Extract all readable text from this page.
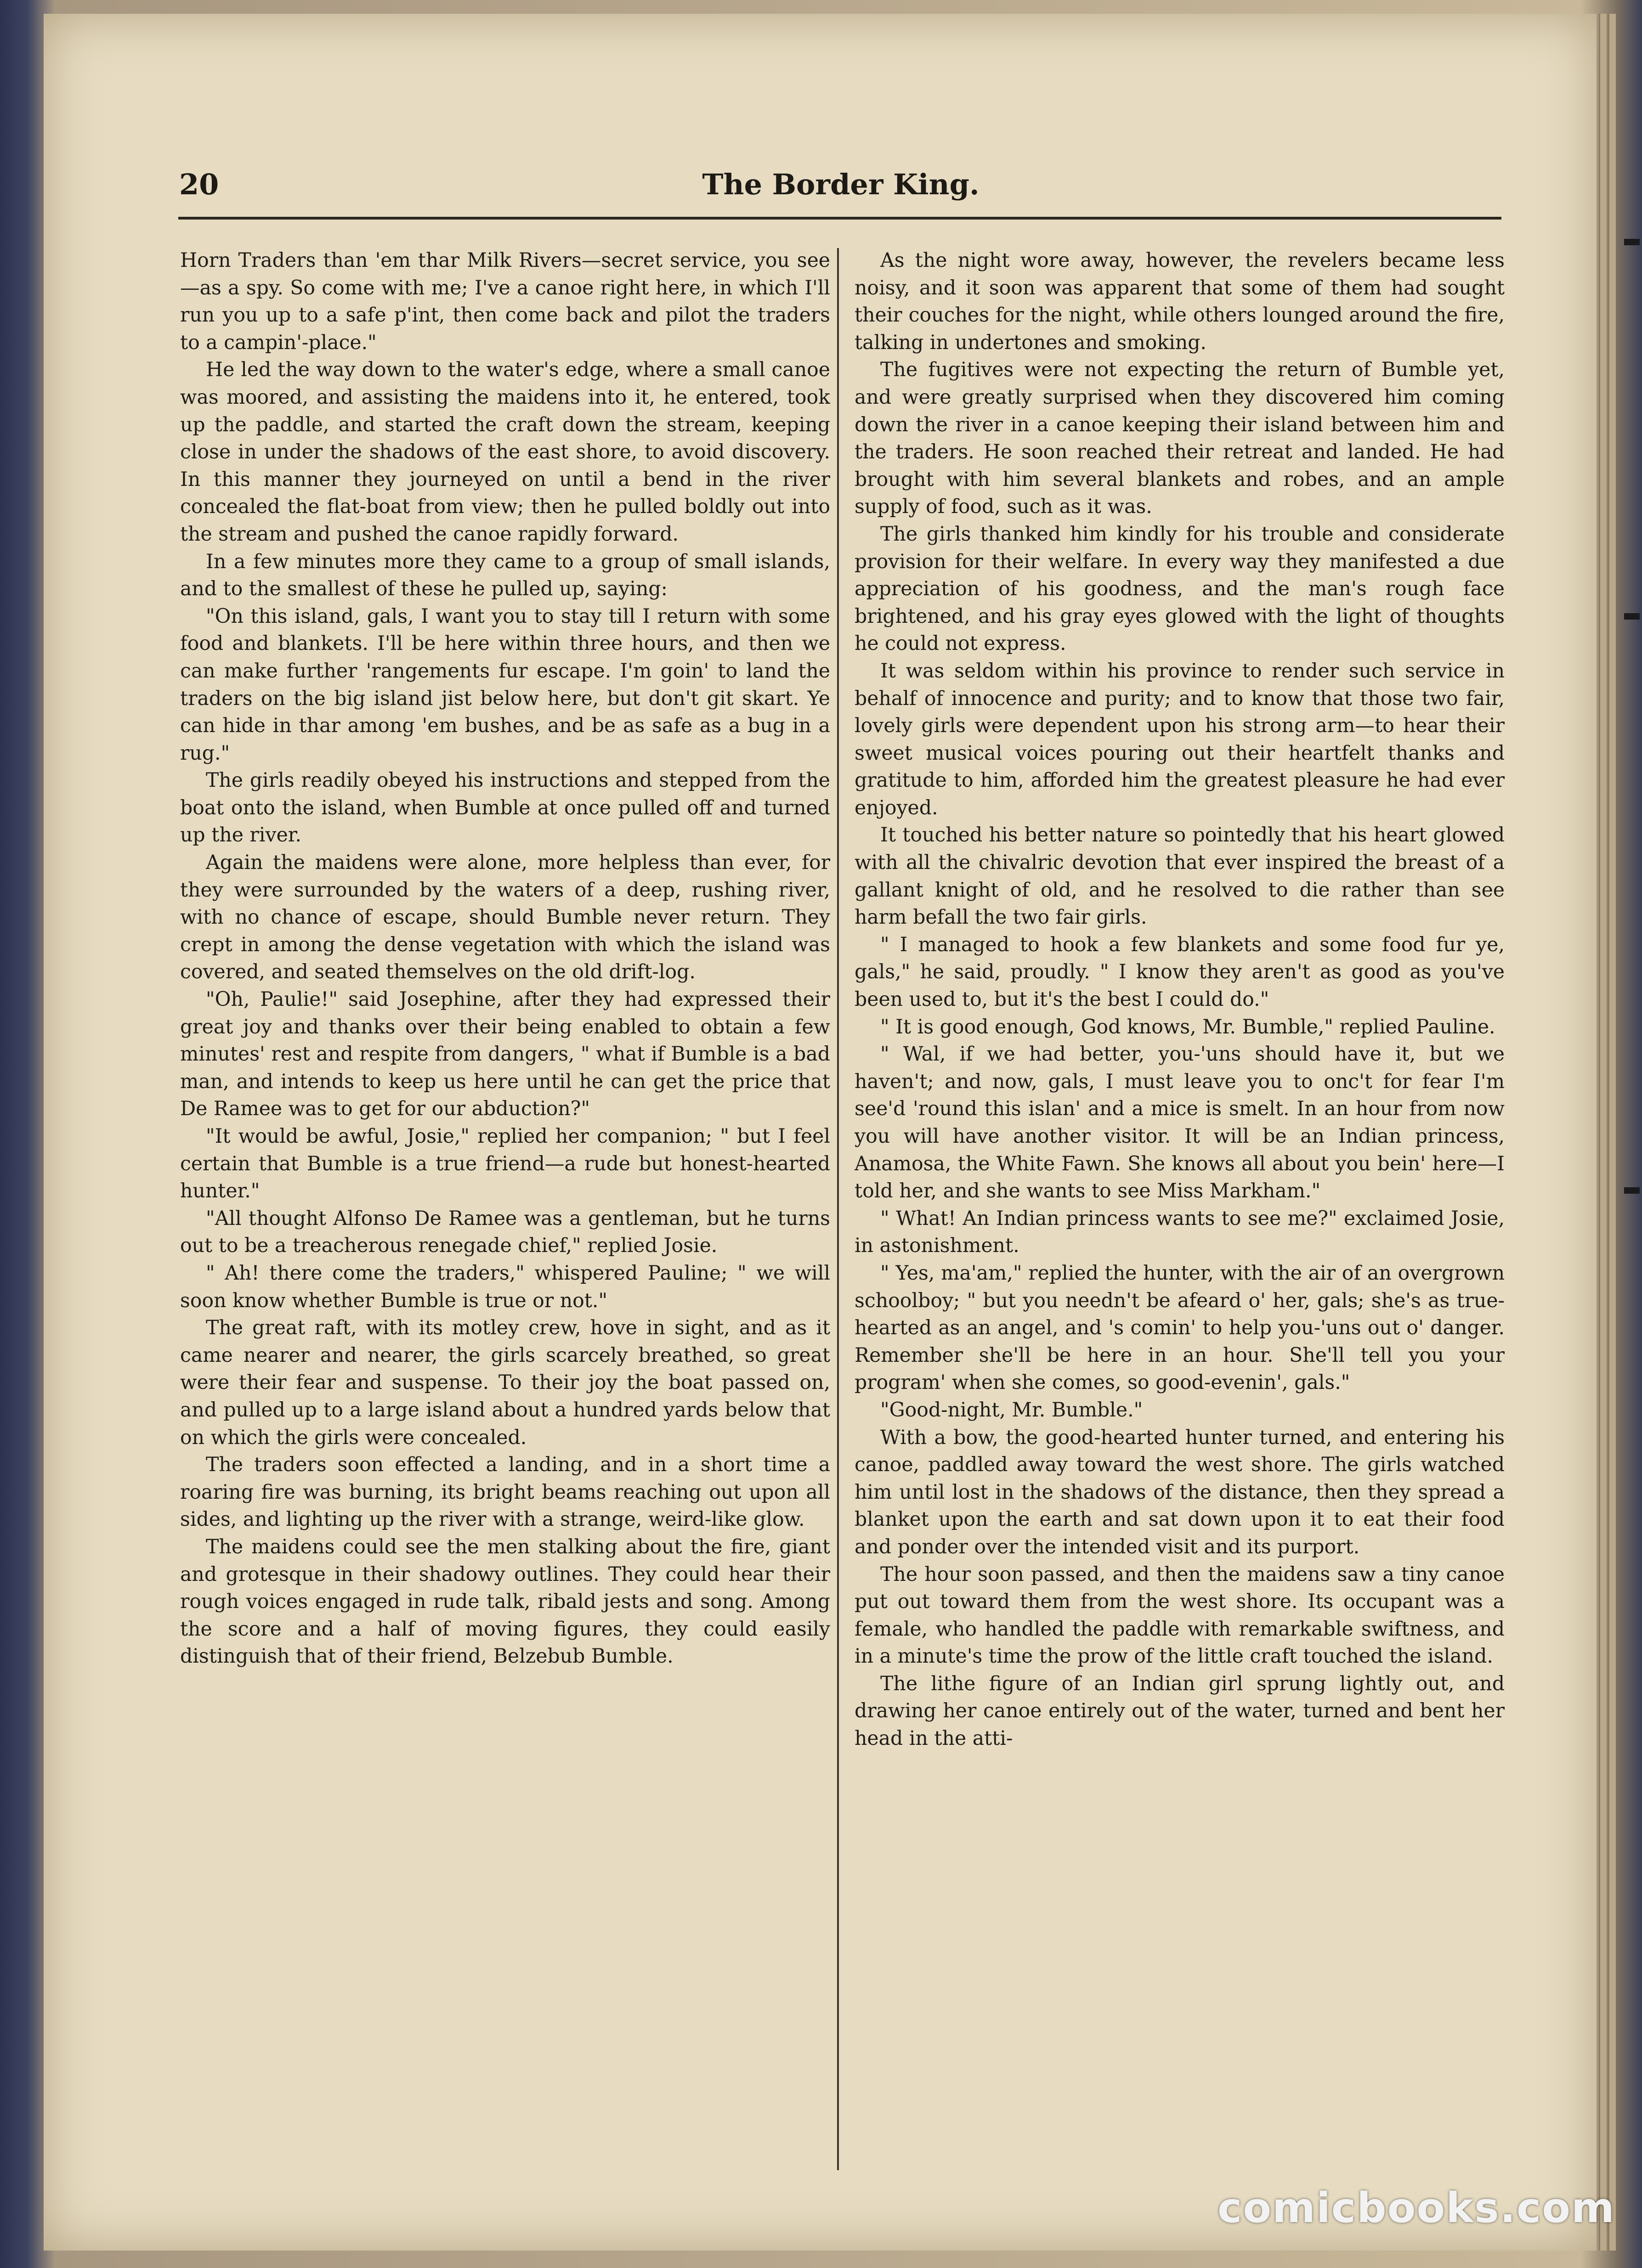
20	The Border King.

Horn Traders than 'em thar Milk Rivers—secret service, you see—as a spy. So come with me; I've a canoe right here, in which I'll run you up to a safe p'int, then come back and pilot the traders to a campin'-place."

He led the way down to the water's edge, where a small canoe was moored, and assisting the maidens into it, he entered, took up the paddle, and started the craft down the stream, keeping close in under the shadows of the east shore, to avoid discovery. In this manner they journeyed on until a bend in the river concealed the flat-boat from view; then he pulled boldly out into the stream and pushed the canoe rapidly forward.

In a few minutes more they came to a group of small islands, and to the smallest of these he pulled up, saying:

"On this island, gals, I want you to stay till I return with some food and blankets. I'll be here within three hours, and then we can make further 'rangements fur escape. I'm goin' to land the traders on the big island jist below here, but don't git skart. Ye can hide in thar among 'em bushes, and be as safe as a bug in a rug."

The girls readily obeyed his instructions and stepped from the boat onto the island, when Bumble at once pulled off and turned up the river.

Again the maidens were alone, more helpless than ever, for they were surrounded by the waters of a deep, rushing river, with no chance of escape, should Bumble never return. They crept in among the dense vegetation with which the island was covered, and seated themselves on the old drift-log.

"Oh, Paulie!" said Josephine, after they had expressed their great joy and thanks over their being enabled to obtain a few minutes' rest and respite from dangers, " what if Bumble is a bad man, and intends to keep us here until he can get the price that De Ramee was to get for our abduction?"

"It would be awful, Josie," replied her companion; " but I feel certain that Bumble is a true friend—a rude but honest-hearted hunter."

"All thought Alfonso De Ramee was a gentleman, but he turns out to be a treacherous renegade chief," replied Josie.

" Ah! there come the traders," whispered Pauline; " we will soon know whether Bumble is true or not."

The great raft, with its motley crew, hove in sight, and as it came nearer and nearer, the girls scarcely breathed, so great were their fear and suspense. To their joy the boat passed on, and pulled up to a large island about a hundred yards below that on which the girls were concealed.

The traders soon effected a landing, and in a short time a roaring fire was burning, its bright beams reaching out upon all sides, and lighting up the river with a strange, weird-like glow.

The maidens could see the men stalking about the fire, giant and grotesque in their shadowy outlines. They could hear their rough voices engaged in rude talk, ribald jests and song. Among the score and a half of moving figures, they could easily distinguish that of their friend, Belzebub Bumble.

As the night wore away, however, the revelers became less noisy, and it soon was apparent that some of them had sought their couches for the night, while others lounged around the fire, talking in undertones and smoking.

The fugitives were not expecting the return of Bumble yet, and were greatly surprised when they discovered him coming down the river in a canoe keeping their island between him and the traders. He soon reached their retreat and landed. He had brought with him several blankets and robes, and an ample supply of food, such as it was.

The girls thanked him kindly for his trouble and considerate provision for their welfare. In every way they manifested a due appreciation of his goodness, and the man's rough face brightened, and his gray eyes glowed with the light of thoughts he could not express.

It was seldom within his province to render such service in behalf of innocence and purity; and to know that those two fair, lovely girls were dependent upon his strong arm—to hear their sweet musical voices pouring out their heartfelt thanks and gratitude to him, afforded him the greatest pleasure he had ever enjoyed.

It touched his better nature so pointedly that his heart glowed with all the chivalric devotion that ever inspired the breast of a gallant knight of old, and he resolved to die rather than see harm befall the two fair girls.

" I managed to hook a few blankets and some food fur ye, gals," he said, proudly. " I know they aren't as good as you've been used to, but it's the best I could do."

" It is good enough, God knows, Mr. Bumble," replied Pauline.

" Wal, if we had better, you-'uns should have it, but we haven't; and now, gals, I must leave you to onc't for fear I'm see'd 'round this islan' and a mice is smelt. In an hour from now you will have another visitor. It will be an Indian princess, Anamosa, the White Fawn. She knows all about you bein' here—I told her, and she wants to see Miss Markham."

" What! An Indian princess wants to see me?" exclaimed Josie, in astonishment.

" Yes, ma'am," replied the hunter, with the air of an overgrown schoolboy; " but you needn't be afeard o' her, gals; she's as true-hearted as an angel, and 's comin' to help you-'uns out o' danger. Remember she'll be here in an hour. She'll tell you your program' when she comes, so good-evenin', gals."

"Good-night, Mr. Bumble."

With a bow, the good-hearted hunter turned, and entering his canoe, paddled away toward the west shore. The girls watched him until lost in the shadows of the distance, then they spread a blanket upon the earth and sat down upon it to eat their food and ponder over the intended visit and its purport.

The hour soon passed, and then the maidens saw a tiny canoe put out toward them from the west shore. Its occupant was a female, who handled the paddle with remarkable swiftness, and in a minute's time the prow of the little craft touched the island.

The lithe figure of an Indian girl sprung lightly out, and drawing her canoe entirely out of the water, turned and bent her head in the atti-

comicbooks.com
